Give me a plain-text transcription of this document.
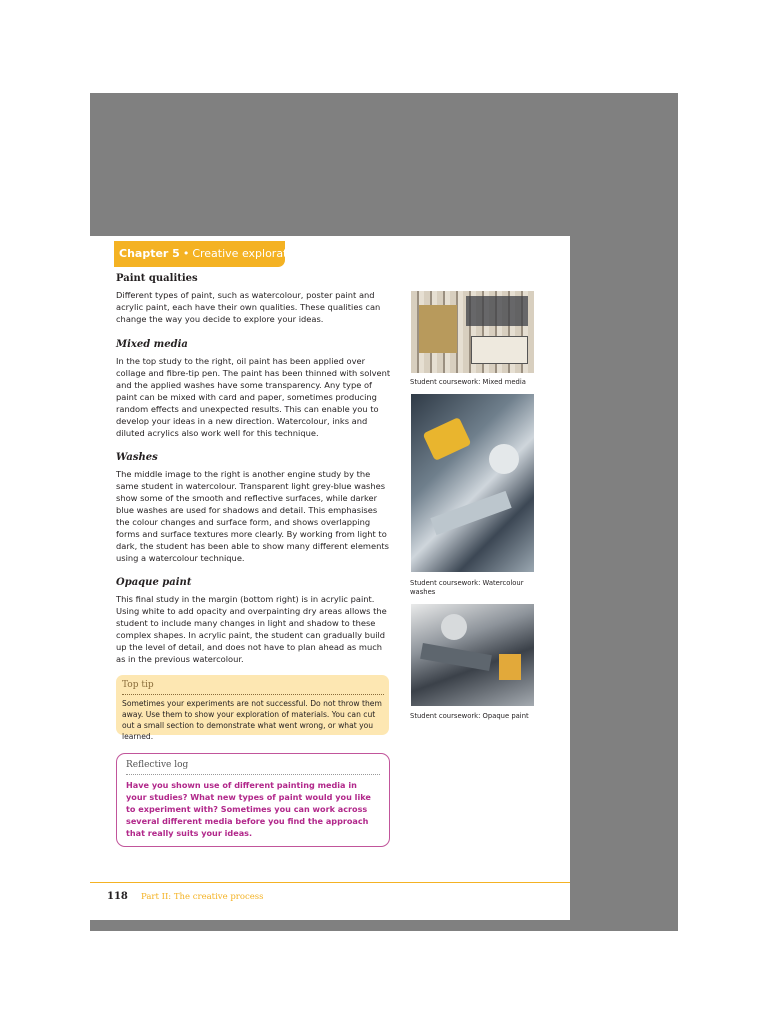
Chapter 5 • Creative exploration
Paint qualities

Different types of paint, such as watercolour, poster paint and acrylic paint, each have their own qualities. These qualities can change the way you decide to explore your ideas.

Mixed media

In the top study to the right, oil paint has been applied over collage and fibre-tip pen. The paint has been thinned with solvent and the applied washes have some transparency. Any type of paint can be mixed with card and paper, sometimes producing random effects and unexpected results. This can enable you to develop your ideas in a new direction. Watercolour, inks and diluted acrylics also work well for this technique.

Washes

The middle image to the right is another engine study by the same student in watercolour. Transparent light grey-blue washes show some of the smooth and reflective surfaces, while darker blue washes are used for shadows and detail. This emphasises the colour changes and surface form, and shows overlapping forms and surface textures more clearly. By working from light to dark, the student has been able to show many different elements using a watercolour technique.

Opaque paint

This final study in the margin (bottom right) is in acrylic paint. Using white to add opacity and overpainting dry areas allows the student to include many changes in light and shadow to these complex shapes. In acrylic paint, the student can gradually build up the level of detail, and does not have to plan ahead as much as in the previous watercolour.

Top tip

Sometimes your experiments are not successful. Do not throw them away. Use them to show your exploration of materials. You can cut out a small section to demonstrate what went wrong, or what you learned.

Reflective log

Have you shown use of different painting media in your studies? What new types of paint would you like to experiment with? Sometimes you can work across several different media before you find the approach that really suits your ideas.

Student coursework: Mixed media
Student coursework: Watercolour washes
Student coursework: Opaque paint
118 Part II: The creative process
